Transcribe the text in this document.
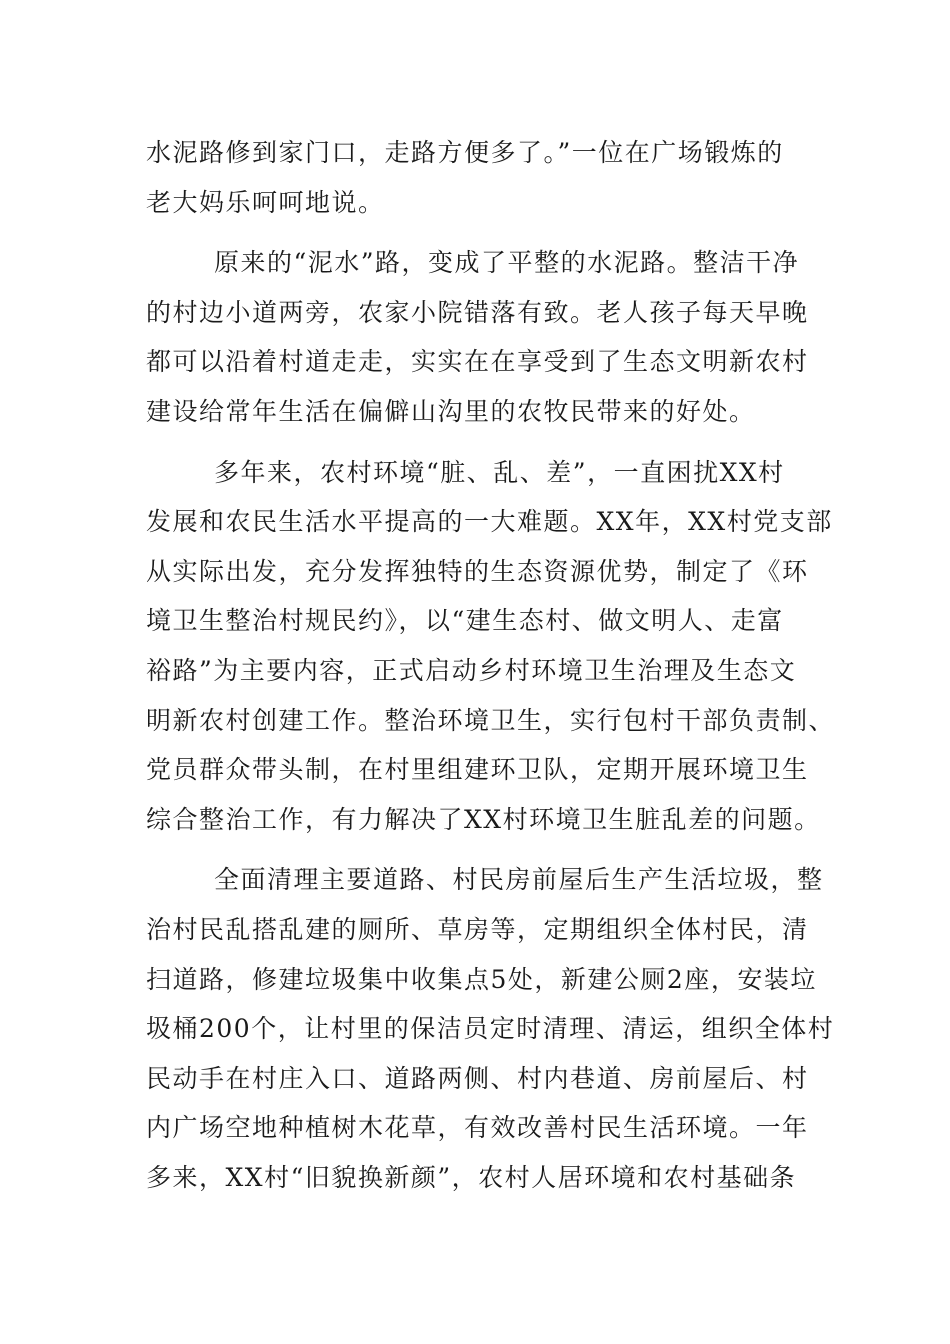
水泥路修到家门口，走路方便多了。”一位在广场锻炼的
老大妈乐呵呵地说。
原来的“泥水”路，变成了平整的水泥路。整洁干净
的村边小道两旁，农家小院错落有致。老人孩子每天早晚
都可以沿着村道走走，实实在在享受到了生态文明新农村
建设给常年生活在偏僻山沟里的农牧民带来的好处。
多年来，农村环境“脏、乱、差”，一直困扰XX村
发展和农民生活水平提高的一大难题。XX年，XX村党支部
从实际出发，充分发挥独特的生态资源优势，制定了《环
境卫生整治村规民约》，以“建生态村、做文明人、走富
裕路”为主要内容，正式启动乡村环境卫生治理及生态文
明新农村创建工作。整治环境卫生，实行包村干部负责制、
党员群众带头制，在村里组建环卫队，定期开展环境卫生
综合整治工作，有力解决了XX村环境卫生脏乱差的问题。
全面清理主要道路、村民房前屋后生产生活垃圾，整
治村民乱搭乱建的厕所、草房等，定期组织全体村民，清
扫道路，修建垃圾集中收集点5处，新建公厕2座，安装垃
圾桶200个，让村里的保洁员定时清理、清运，组织全体村
民动手在村庄入口、道路两侧、村内巷道、房前屋后、村
内广场空地种植树木花草，有效改善村民生活环境。一年
多来，XX村“旧貌换新颜”，农村人居环境和农村基础条
